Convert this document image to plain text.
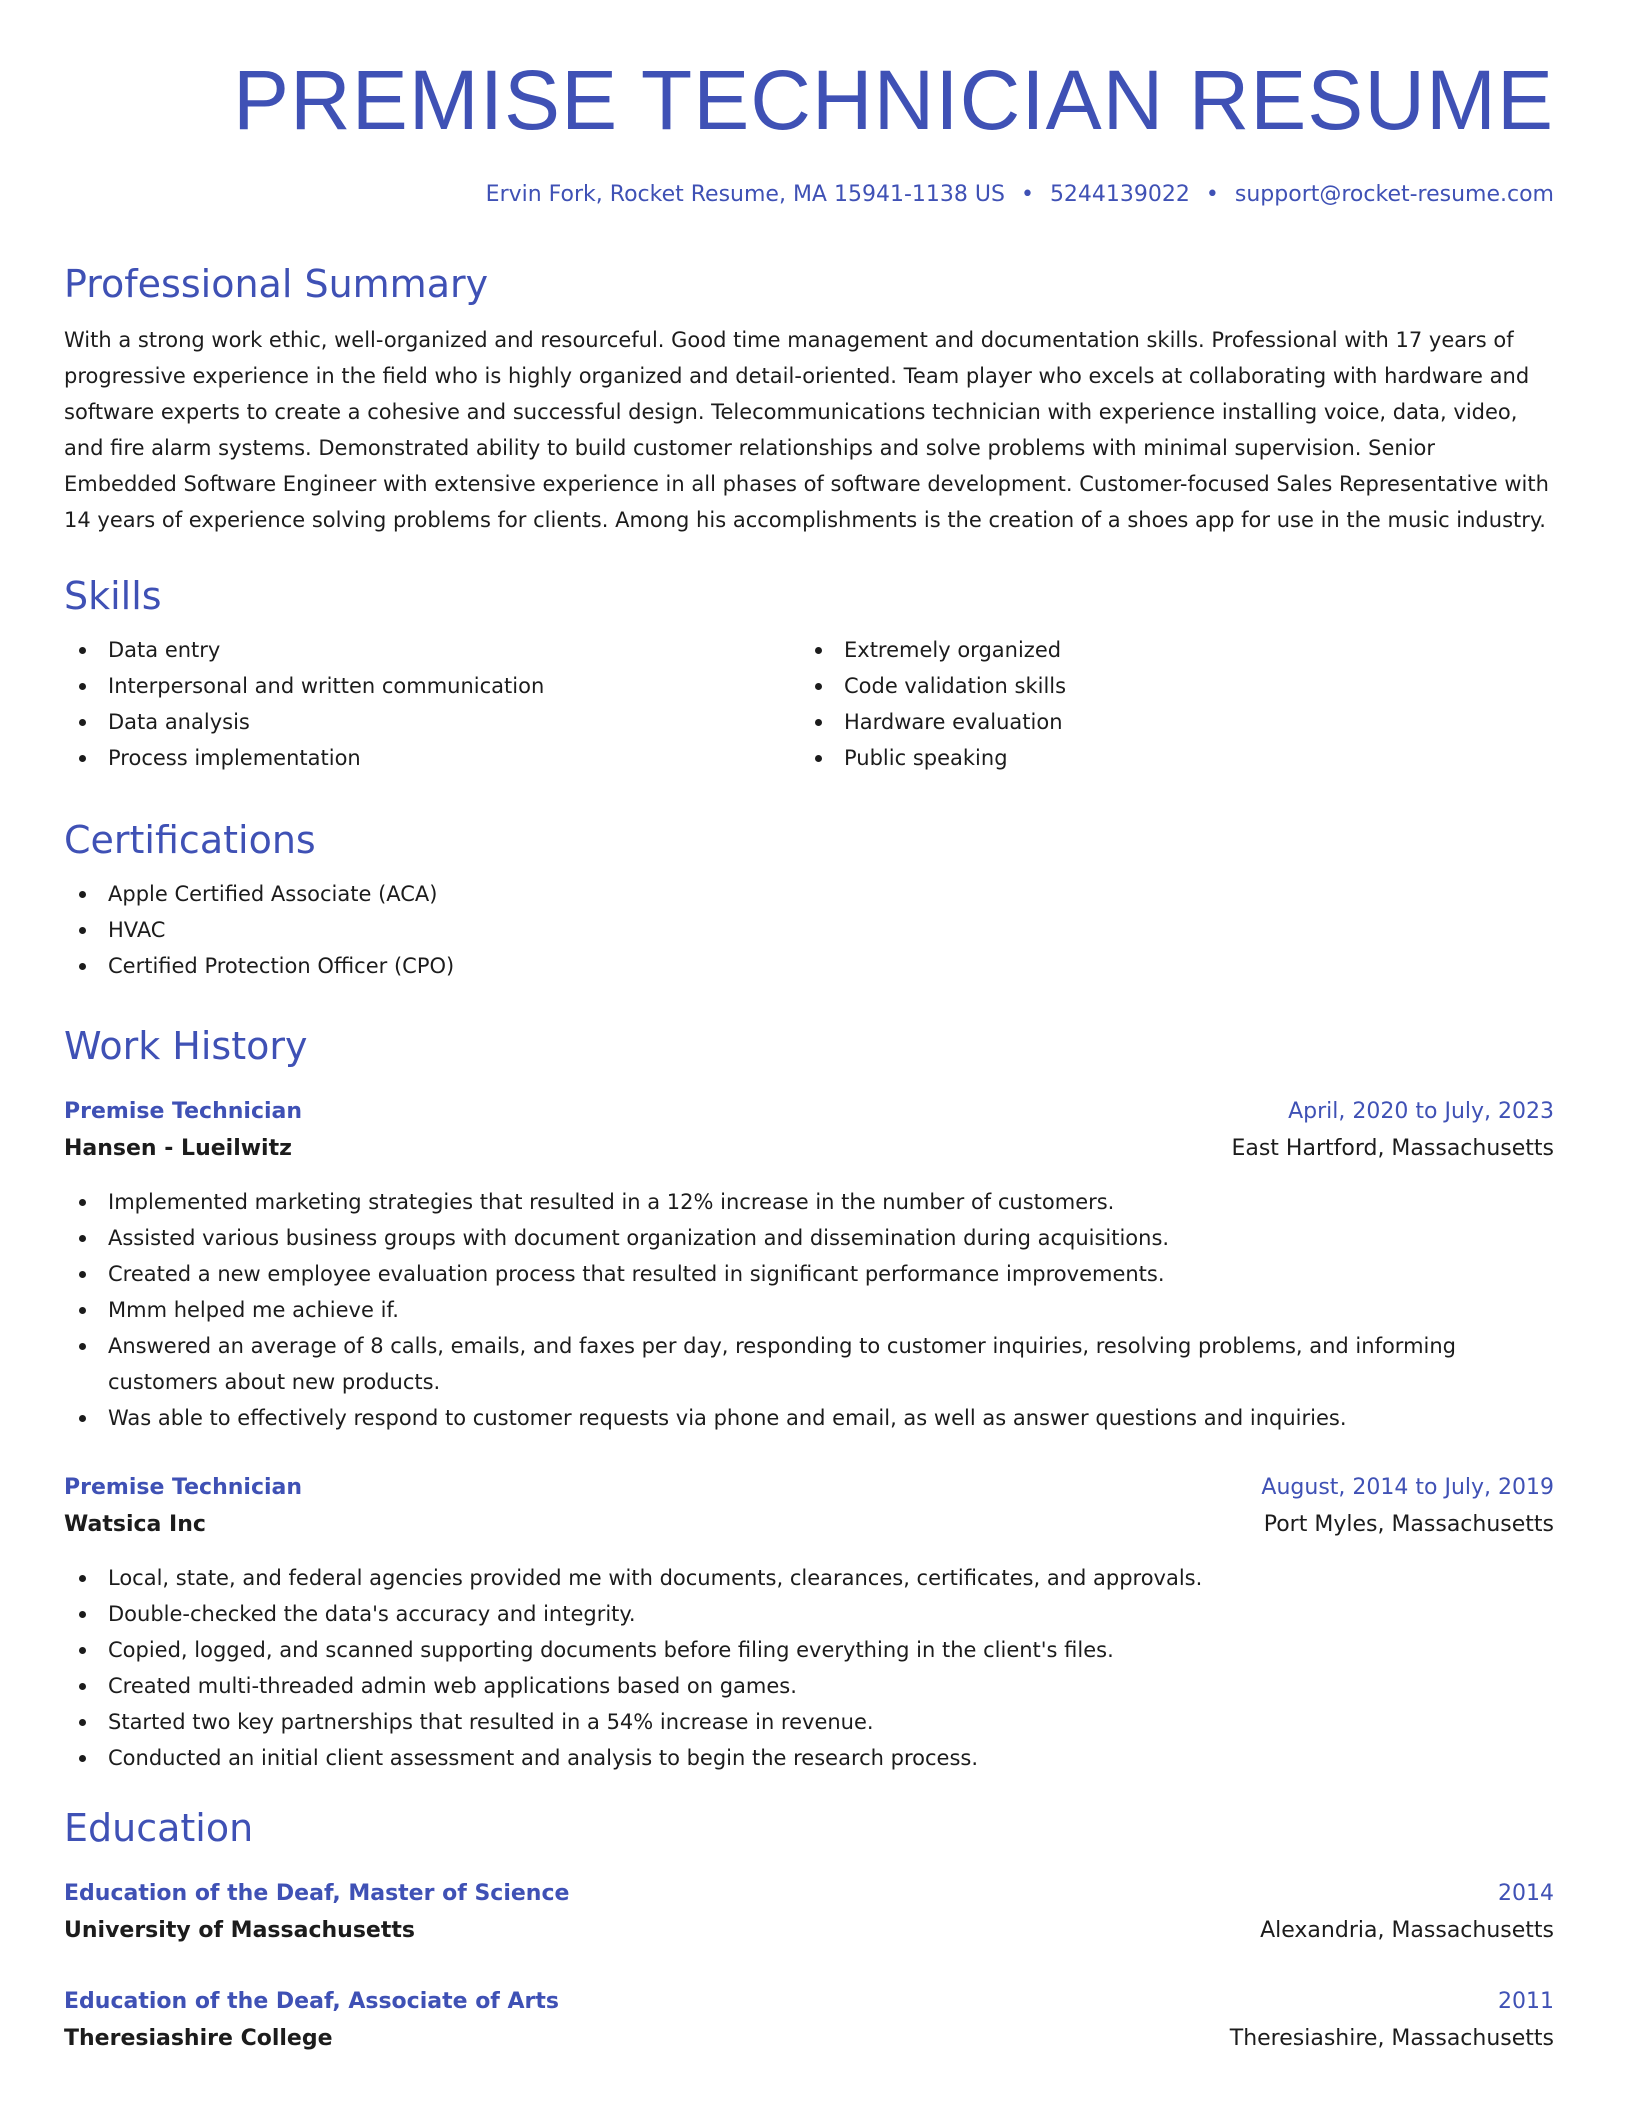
PREMISE TECHNICIAN RESUME
Ervin Fork, Rocket Resume, MA 15941-1138 US • 5244139022 • support@rocket-resume.com
Professional Summary

With a strong work ethic, well-organized and resourceful. Good time management and documentation skills. Professional with 17 years of progressive experience in the field who is highly organized and detail-oriented. Team player who excels at collaborating with hardware and software experts to create a cohesive and successful design. Telecommunications technician with experience installing voice, data, video, and fire alarm systems. Demonstrated ability to build customer relationships and solve problems with minimal supervision. Senior Embedded Software Engineer with extensive experience in all phases of software development. Customer-focused Sales Representative with 14 years of experience solving problems for clients. Among his accomplishments is the creation of a shoes app for use in the music industry.

Skills
Data entry
Interpersonal and written communication
Data analysis
Process implementation
Extremely organized
Code validation skills
Hardware evaluation
Public speaking
Certifications
Apple Certified Associate (ACA)
HVAC
Certified Protection Officer (CPO)
Work History
Premise Technician	April, 2020 to July, 2023
Hansen - Lueilwitz	East Hartford, Massachusetts
Implemented marketing strategies that resulted in a 12% increase in the number of customers.
Assisted various business groups with document organization and dissemination during acquisitions.
Created a new employee evaluation process that resulted in significant performance improvements.
Mmm helped me achieve if.
Answered an average of 8 calls, emails, and faxes per day, responding to customer inquiries, resolving problems, and informing customers about new products.
Was able to effectively respond to customer requests via phone and email, as well as answer questions and inquiries.
Premise Technician	August, 2014 to July, 2019
Watsica Inc	Port Myles, Massachusetts
Local, state, and federal agencies provided me with documents, clearances, certificates, and approvals.
Double-checked the data's accuracy and integrity.
Copied, logged, and scanned supporting documents before filing everything in the client's files.
Created multi-threaded admin web applications based on games.
Started two key partnerships that resulted in a 54% increase in revenue.
Conducted an initial client assessment and analysis to begin the research process.
Education
Education of the Deaf, Master of Science	2014
University of Massachusetts	Alexandria, Massachusetts
Education of the Deaf, Associate of Arts	2011
Theresiashire College	Theresiashire, Massachusetts
